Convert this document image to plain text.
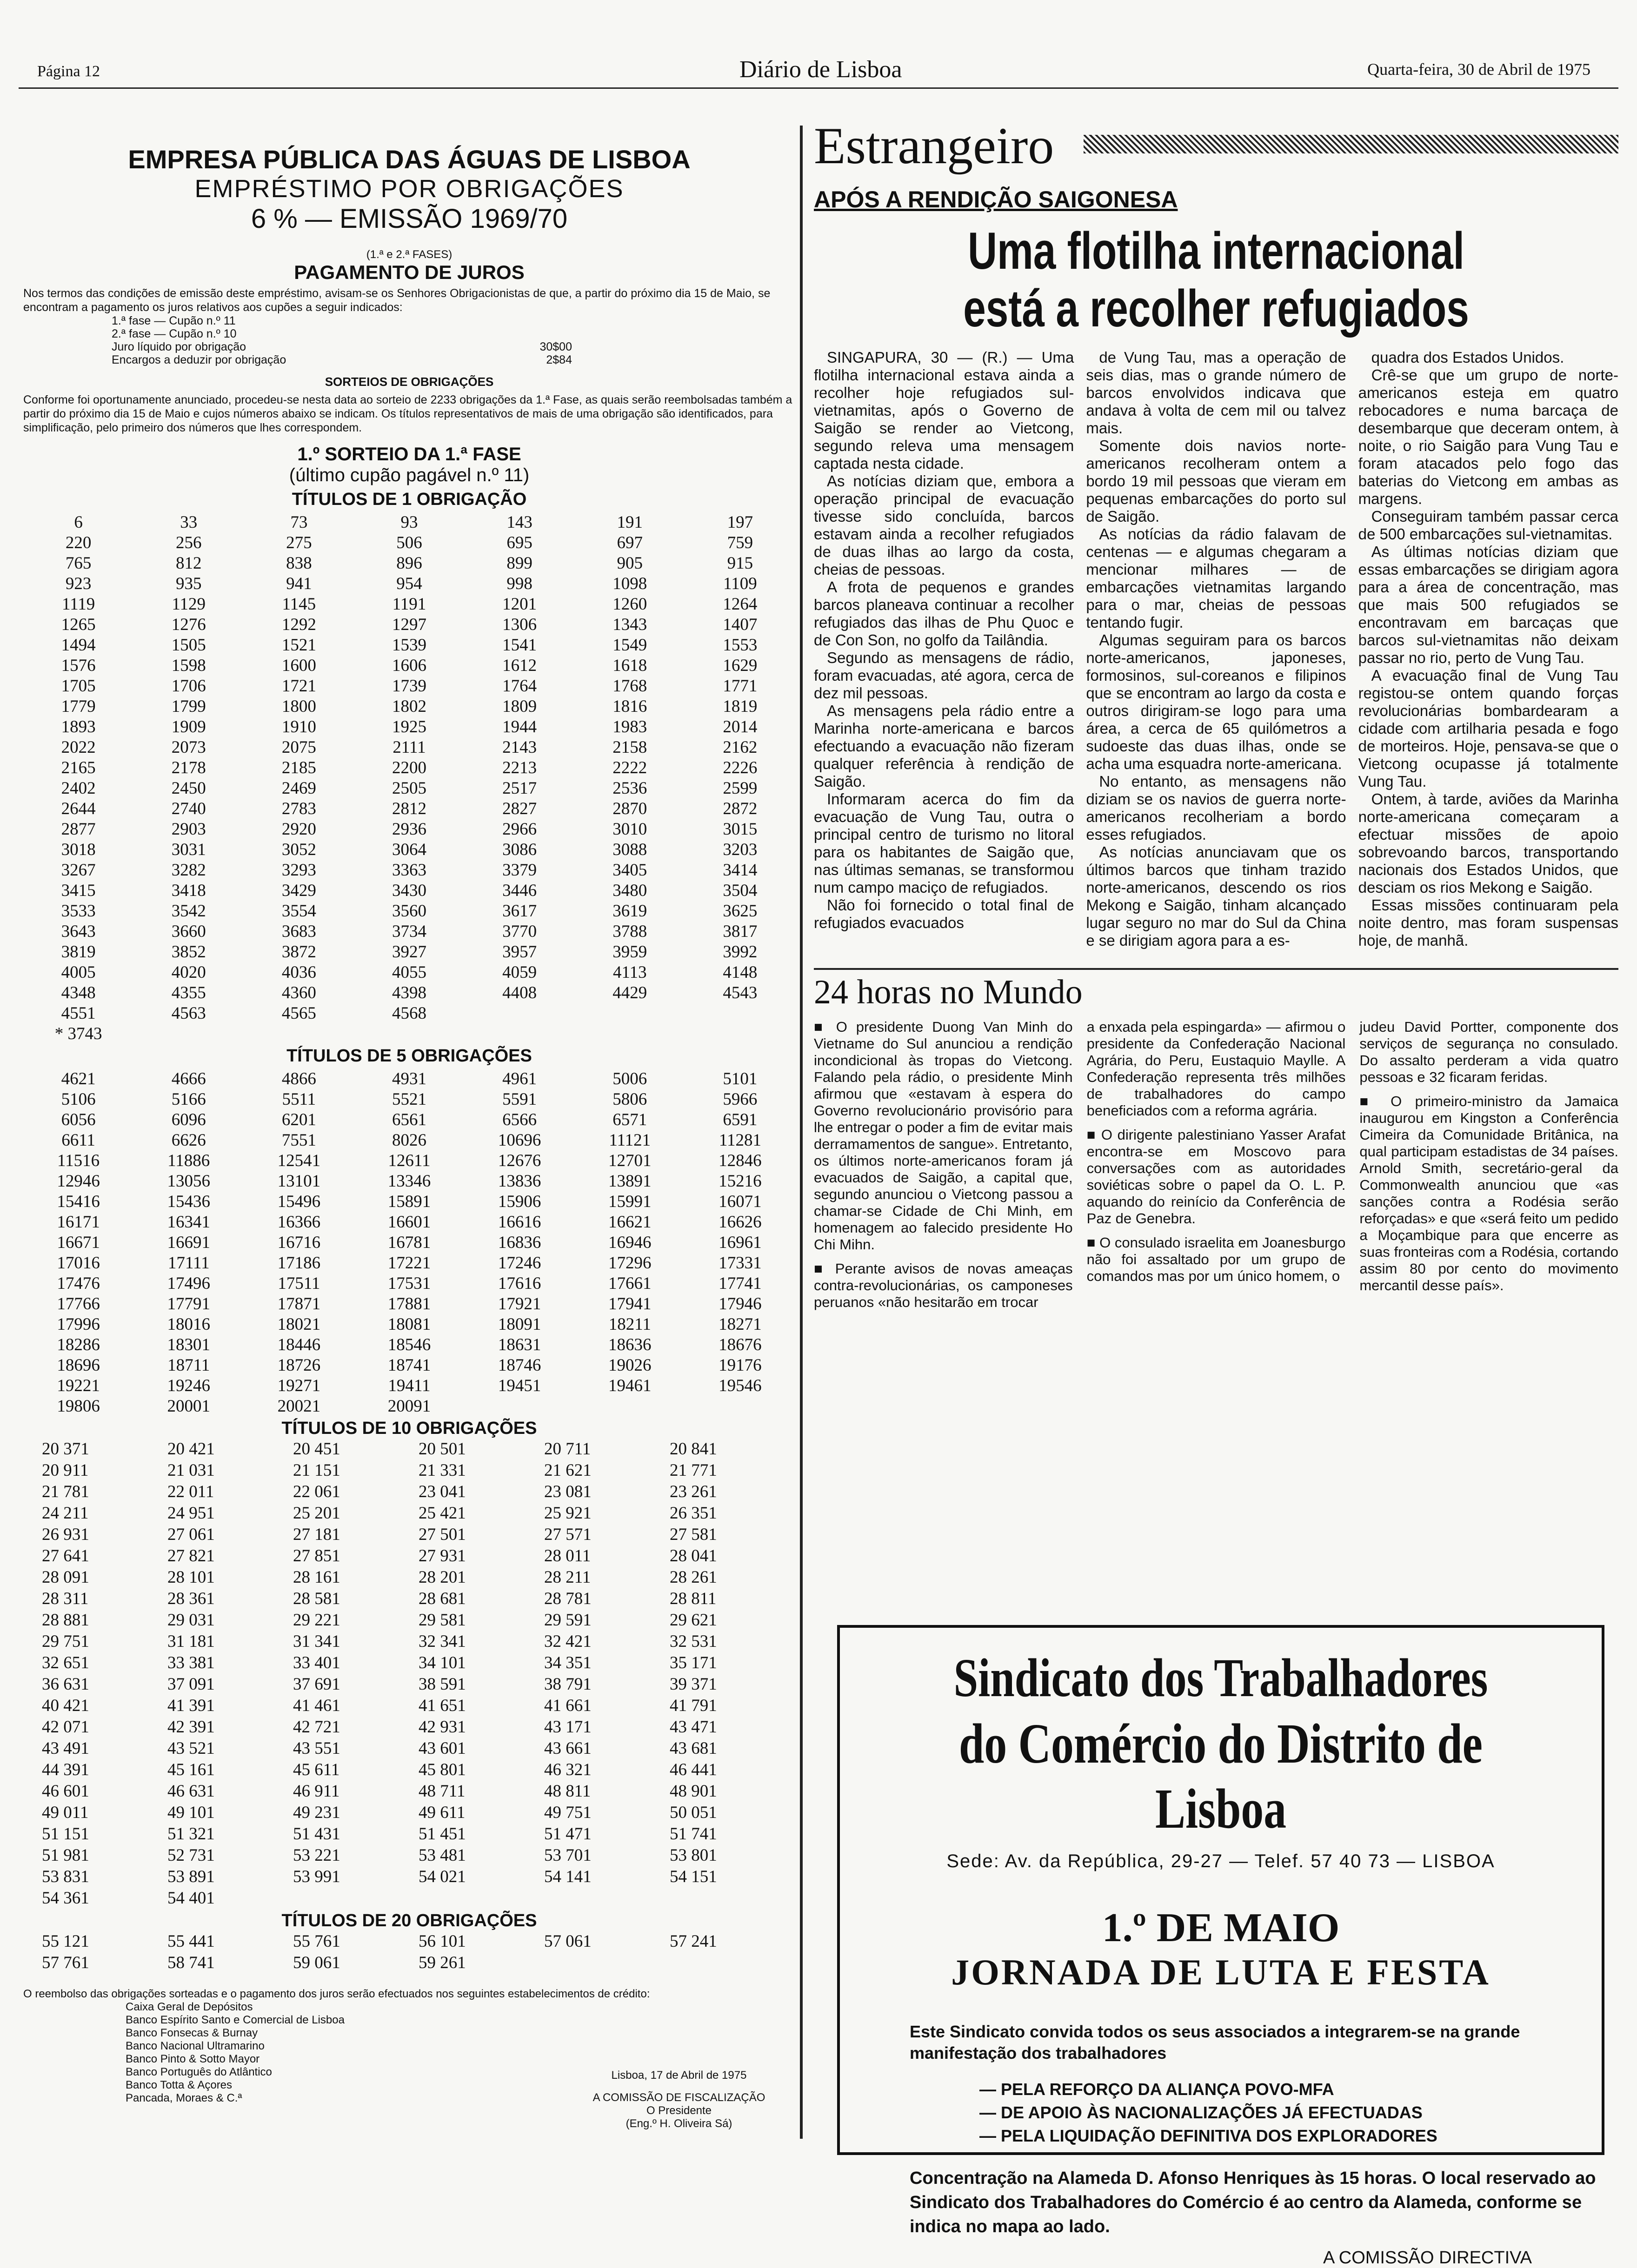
Página 12	Diário de Lisboa	Quarta-feira, 30 de Abril de 1975
EMPRESA PÚBLICA DAS ÁGUAS DE LISBOA
EMPRÉSTIMO POR OBRIGAÇÕES
6 % — EMISSÃO 1969/70
(1.ª e 2.ª FASES)
PAGAMENTO DE JUROS
Nos termos das condições de emissão deste empréstimo, avisam-se os Senhores Obrigacionistas de que, a partir do próximo dia 15 de Maio, se encontram a pagamento os juros relativos aos cupões a seguir indicados:
1.ª fase — Cupão n.º 11
2.ª fase — Cupão n.º 10
Juro líquido por obrigação	30$00
Encargos a deduzir por obrigação	2$84
SORTEIOS DE OBRIGAÇÕES
Conforme foi oportunamente anunciado, procedeu-se nesta data ao sorteio de 2233 obrigações da 1.ª Fase, as quais serão reembolsadas também a partir do próximo dia 15 de Maio e cujos números abaixo se indicam. Os títulos representativos de mais de uma obrigação são identificados, para simplificação, pelo primeiro dos números que lhes correspondem.
1.º SORTEIO DA 1.ª FASE
(último cupão pagável n.º 11)
TÍTULOS DE 1 OBRIGAÇÃO
6	33	73	93	143	191	197
220	256	275	506	695	697	759
765	812	838	896	899	905	915
923	935	941	954	998	1098	1109
1119	1129	1145	1191	1201	1260	1264
1265	1276	1292	1297	1306	1343	1407
1494	1505	1521	1539	1541	1549	1553
1576	1598	1600	1606	1612	1618	1629
1705	1706	1721	1739	1764	1768	1771
1779	1799	1800	1802	1809	1816	1819
1893	1909	1910	1925	1944	1983	2014
2022	2073	2075	2111	2143	2158	2162
2165	2178	2185	2200	2213	2222	2226
2402	2450	2469	2505	2517	2536	2599
2644	2740	2783	2812	2827	2870	2872
2877	2903	2920	2936	2966	3010	3015
3018	3031	3052	3064	3086	3088	3203
3267	3282	3293	3363	3379	3405	3414
3415	3418	3429	3430	3446	3480	3504
3533	3542	3554	3560	3617	3619	3625
3643	3660	3683	3734	3770	3788	3817
3819	3852	3872	3927	3957	3959	3992
4005	4020	4036	4055	4059	4113	4148
4348	4355	4360	4398	4408	4429	4543
4551	4563	4565	4568
* 3743
TÍTULOS DE 5 OBRIGAÇÕES
4621	4666	4866	4931	4961	5006	5101
5106	5166	5511	5521	5591	5806	5966
6056	6096	6201	6561	6566	6571	6591
6611	6626	7551	8026	10696	11121	11281
11516	11886	12541	12611	12676	12701	12846
12946	13056	13101	13346	13836	13891	15216
15416	15436	15496	15891	15906	15991	16071
16171	16341	16366	16601	16616	16621	16626
16671	16691	16716	16781	16836	16946	16961
17016	17111	17186	17221	17246	17296	17331
17476	17496	17511	17531	17616	17661	17741
17766	17791	17871	17881	17921	17941	17946
17996	18016	18021	18081	18091	18211	18271
18286	18301	18446	18546	18631	18636	18676
18696	18711	18726	18741	18746	19026	19176
19221	19246	19271	19411	19451	19461	19546
19806	20001	20021	20091
TÍTULOS DE 10 OBRIGAÇÕES
20 371	20 421	20 451	20 501	20 711	20 841
20 911	21 031	21 151	21 331	21 621	21 771
21 781	22 011	22 061	23 041	23 081	23 261
24 211	24 951	25 201	25 421	25 921	26 351
26 931	27 061	27 181	27 501	27 571	27 581
27 641	27 821	27 851	27 931	28 011	28 041
28 091	28 101	28 161	28 201	28 211	28 261
28 311	28 361	28 581	28 681	28 781	28 811
28 881	29 031	29 221	29 581	29 591	29 621
29 751	31 181	31 341	32 341	32 421	32 531
32 651	33 381	33 401	34 101	34 351	35 171
36 631	37 091	37 691	38 591	38 791	39 371
40 421	41 391	41 461	41 651	41 661	41 791
42 071	42 391	42 721	42 931	43 171	43 471
43 491	43 521	43 551	43 601	43 661	43 681
44 391	45 161	45 611	45 801	46 321	46 441
46 601	46 631	46 911	48 711	48 811	48 901
49 011	49 101	49 231	49 611	49 751	50 051
51 151	51 321	51 431	51 451	51 471	51 741
51 981	52 731	53 221	53 481	53 701	53 801
53 831	53 891	53 991	54 021	54 141	54 151
54 361	54 401
TÍTULOS DE 20 OBRIGAÇÕES
55 121	55 441	55 761	56 101	57 061	57 241
57 761	58 741	59 061	59 261
O reembolso das obrigações sorteadas e o pagamento dos juros serão efectuados nos seguintes estabelecimentos de crédito:
Caixa Geral de Depósitos
Banco Espírito Santo e Comercial de Lisboa
Banco Fonsecas & Burnay
Banco Nacional Ultramarino
Banco Pinto & Sotto Mayor
Banco Português do Atlântico
Banco Totta & Açores
Pancada, Moraes & C.ª
Lisboa, 17 de Abril de 1975
A COMISSÃO DE FISCALIZAÇÃO
O Presidente
(Eng.º H. Oliveira Sá)
Estrangeiro
APÓS A RENDIÇÃO SAIGONESA
Uma flotilha internacional
está a recolher refugiados

SINGAPURA, 30 — (R.) — Uma flotilha internacional estava ainda a recolher hoje refugiados sul-vietnamitas, após o Governo de Saigão se render ao Vietcong, segundo releva uma mensagem captada nesta cidade.

As notícias diziam que, embora a operação principal de evacuação tivesse sido concluída, barcos estavam ainda a recolher refugiados de duas ilhas ao largo da costa, cheias de pessoas.

A frota de pequenos e grandes barcos planeava continuar a recolher refugiados das ilhas de Phu Quoc e de Con Son, no golfo da Tailândia.

Segundo as mensagens de rádio, foram evacuadas, até agora, cerca de dez mil pessoas.

As mensagens pela rádio entre a Marinha norte-americana e barcos efectuando a evacuação não fizeram qualquer referência à rendição de Saigão.

Informaram acerca do fim da evacuação de Vung Tau, outra o principal centro de turismo no litoral para os habitantes de Saigão que, nas últimas semanas, se transformou num campo maciço de refugiados.

Não foi fornecido o total final de refugiados evacuados

de Vung Tau, mas a operação de seis dias, mas o grande número de barcos envolvidos indicava que andava à volta de cem mil ou talvez mais.

Somente dois navios norte-americanos recolheram ontem a bordo 19 mil pessoas que vieram em pequenas embarcações do porto sul de Saigão.

As notícias da rádio falavam de centenas — e algumas chegaram a mencionar milhares — de embarcações vietnamitas largando para o mar, cheias de pessoas tentando fugir.

Algumas seguiram para os barcos norte-americanos, japoneses, formosinos, sul-coreanos e filipinos que se encontram ao largo da costa e outros dirigiram-se logo para uma área, a cerca de 65 quilómetros a sudoeste das duas ilhas, onde se acha uma esquadra norte-americana.

No entanto, as mensagens não diziam se os navios de guerra norte-americanos recolheriam a bordo esses refugiados.

As notícias anunciavam que os últimos barcos que tinham trazido norte-americanos, descendo os rios Mekong e Saigão, tinham alcançado lugar seguro no mar do Sul da China e se dirigiam agora para a es-

quadra dos Estados Unidos.

Crê-se que um grupo de norte-americanos esteja em quatro rebocadores e numa barcaça de desembarque que deceram ontem, à noite, o rio Saigão para Vung Tau e foram atacados pelo fogo das baterias do Vietcong em ambas as margens.

Conseguiram também passar cerca de 500 embarcações sul-vietnamitas.

As últimas notícias diziam que essas embarcações se dirigiam agora para a área de concentração, mas que mais 500 refugiados se encontravam em barcaças que barcos sul-vietnamitas não deixam passar no rio, perto de Vung Tau.

A evacuação final de Vung Tau registou-se ontem quando forças revolucionárias bombardearam a cidade com artilharia pesada e fogo de morteiros. Hoje, pensava-se que o Vietcong ocupasse já totalmente Vung Tau.

Ontem, à tarde, aviões da Marinha norte-americana começaram a efectuar missões de apoio sobrevoando barcos, transportando nacionais dos Estados Unidos, que desciam os rios Mekong e Saigão.

Essas missões continuaram pela noite dentro, mas foram suspensas hoje, de manhã.

24 horas no Mundo

■ O presidente Duong Van Minh do Vietname do Sul anunciou a rendição incondicional às tropas do Vietcong. Falando pela rádio, o presidente Minh afirmou que «estavam à espera do Governo revolucionário provisório para lhe entregar o poder a fim de evitar mais derramamentos de sangue». Entretanto, os últimos norte-americanos foram já evacuados de Saigão, a capital que, segundo anunciou o Vietcong passou a chamar-se Cidade de Chi Minh, em homenagem ao falecido presidente Ho Chi Mihn.

■ Perante avisos de novas ameaças contra-revolucionárias, os camponeses peruanos «não hesitarão em trocar

a enxada pela espingarda» — afirmou o presidente da Confederação Nacional Agrária, do Peru, Eustaquio Maylle. A Confederação representa três milhões de trabalhadores do campo beneficiados com a reforma agrária.

■ O dirigente palestiniano Yasser Arafat encontra-se em Moscovo para conversações com as autoridades soviéticas sobre o papel da O. L. P. aquando do reinício da Conferência de Paz de Genebra.

■ O consulado israelita em Joanesburgo não foi assaltado por um grupo de comandos mas por um único homem, o

judeu David Portter, componente dos serviços de segurança no consulado. Do assalto perderam a vida quatro pessoas e 32 ficaram feridas.

■ O primeiro-ministro da Jamaica inaugurou em Kingston a Conferência Cimeira da Comunidade Britânica, na qual participam estadistas de 34 países. Arnold Smith, secretário-geral da Commonwealth anunciou que «as sanções contra a Rodésia serão reforçadas» e que «será feito um pedido a Moçambique para que encerre as suas fronteiras com a Rodésia, cortando assim 80 por cento do movimento mercantil desse país».

Sindicato dos Trabalhadores
do Comércio do Distrito de Lisboa
Sede: Av. da República, 29-27 — Telef. 57 40 73 — LISBOA
1.º DE MAIO
JORNADA DE LUTA E FESTA
Este Sindicato convida todos os seus associados a integrarem-se na grande manifestação dos trabalhadores
— PELA REFORÇO DA ALIANÇA POVO-MFA
— DE APOIO ÀS NACIONALIZAÇÕES JÁ EFECTUADAS
— PELA LIQUIDAÇÃO DEFINITIVA DOS EXPLORADORES
Concentração na Alameda D. Afonso Henriques às 15 horas. O local reservado ao Sindicato dos Trabalhadores do Comércio é ao centro da Alameda, conforme se indica no mapa ao lado.
A COMISSÃO DIRECTIVA
